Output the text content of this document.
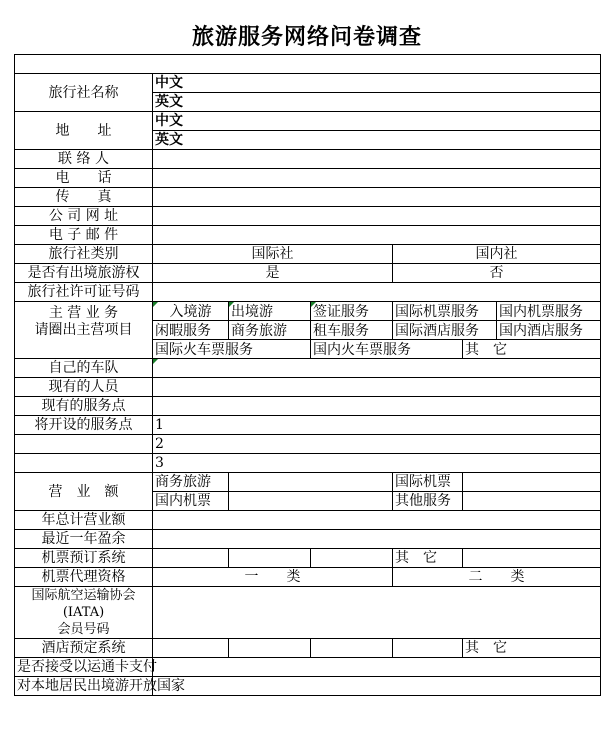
旅游服务网络问卷调查

旅行社名称	中文					
	英文					
地　　址	中文					
	英文					
联 络 人						
电　　话						
传　　真						
公 司 网 址						
电 子 邮 件						
旅行社类别	国际社			国内社		
是否有出境旅游权	是			否		
旅行社许可证号码						
主 营 业 务	入境游	出境游	签证服务	国际机票服务		国内机票服务
请圈出主营项目	闲暇服务	商务旅游	租车服务	国际酒店服务		国内酒店服务
	国际火车票服务		国内火车票服务		其　它	
自己的车队						
现有的人员						
现有的服务点						
将开设的服务点	1					
	2					
	3					
营　业　额	商务旅游			国际机票		
	国内机票			其他服务		
年总计营业额						
最近一年盈余						
机票预订系统				其　它		
机票代理资格	一　　类			二　　类		

国际航空运输协会(IATA)
会员号码						

酒店预定系统					其　它	
是否接受以运通卡支付						
对本地居民出境游开放国家						
